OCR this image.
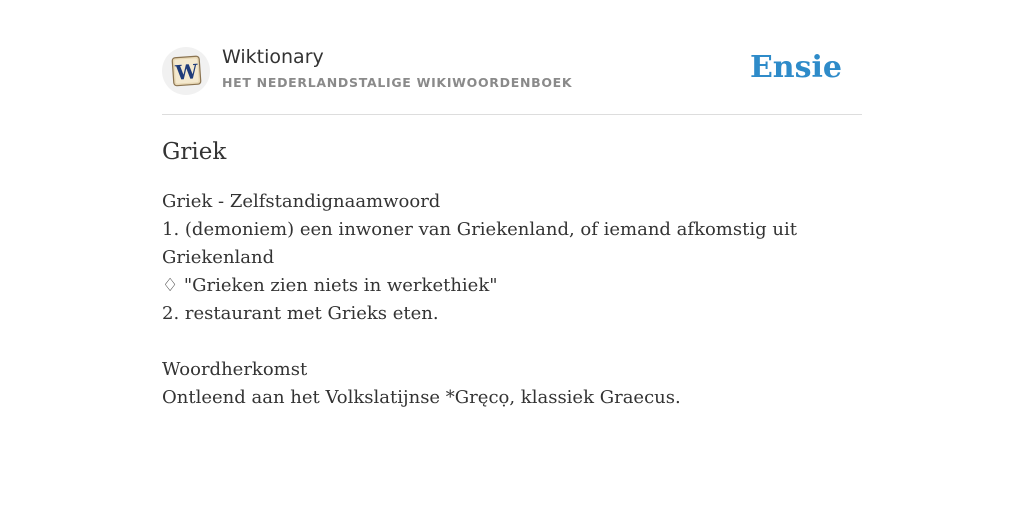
W
Wiktionary
HET NEDERLANDSTALIGE WIKIWOORDENBOEK	Ensie
Griek

Griek - Zelfstandignaamwoord

1. (demoniem) een inwoner van Griekenland, of iemand afkomstig uit Griekenland

♢ "Grieken zien niets in werkethiek"

2. restaurant met Grieks eten.

Woordherkomst

Ontleend aan het Volkslatijnse *Gręcọ, klassiek Graecus.
